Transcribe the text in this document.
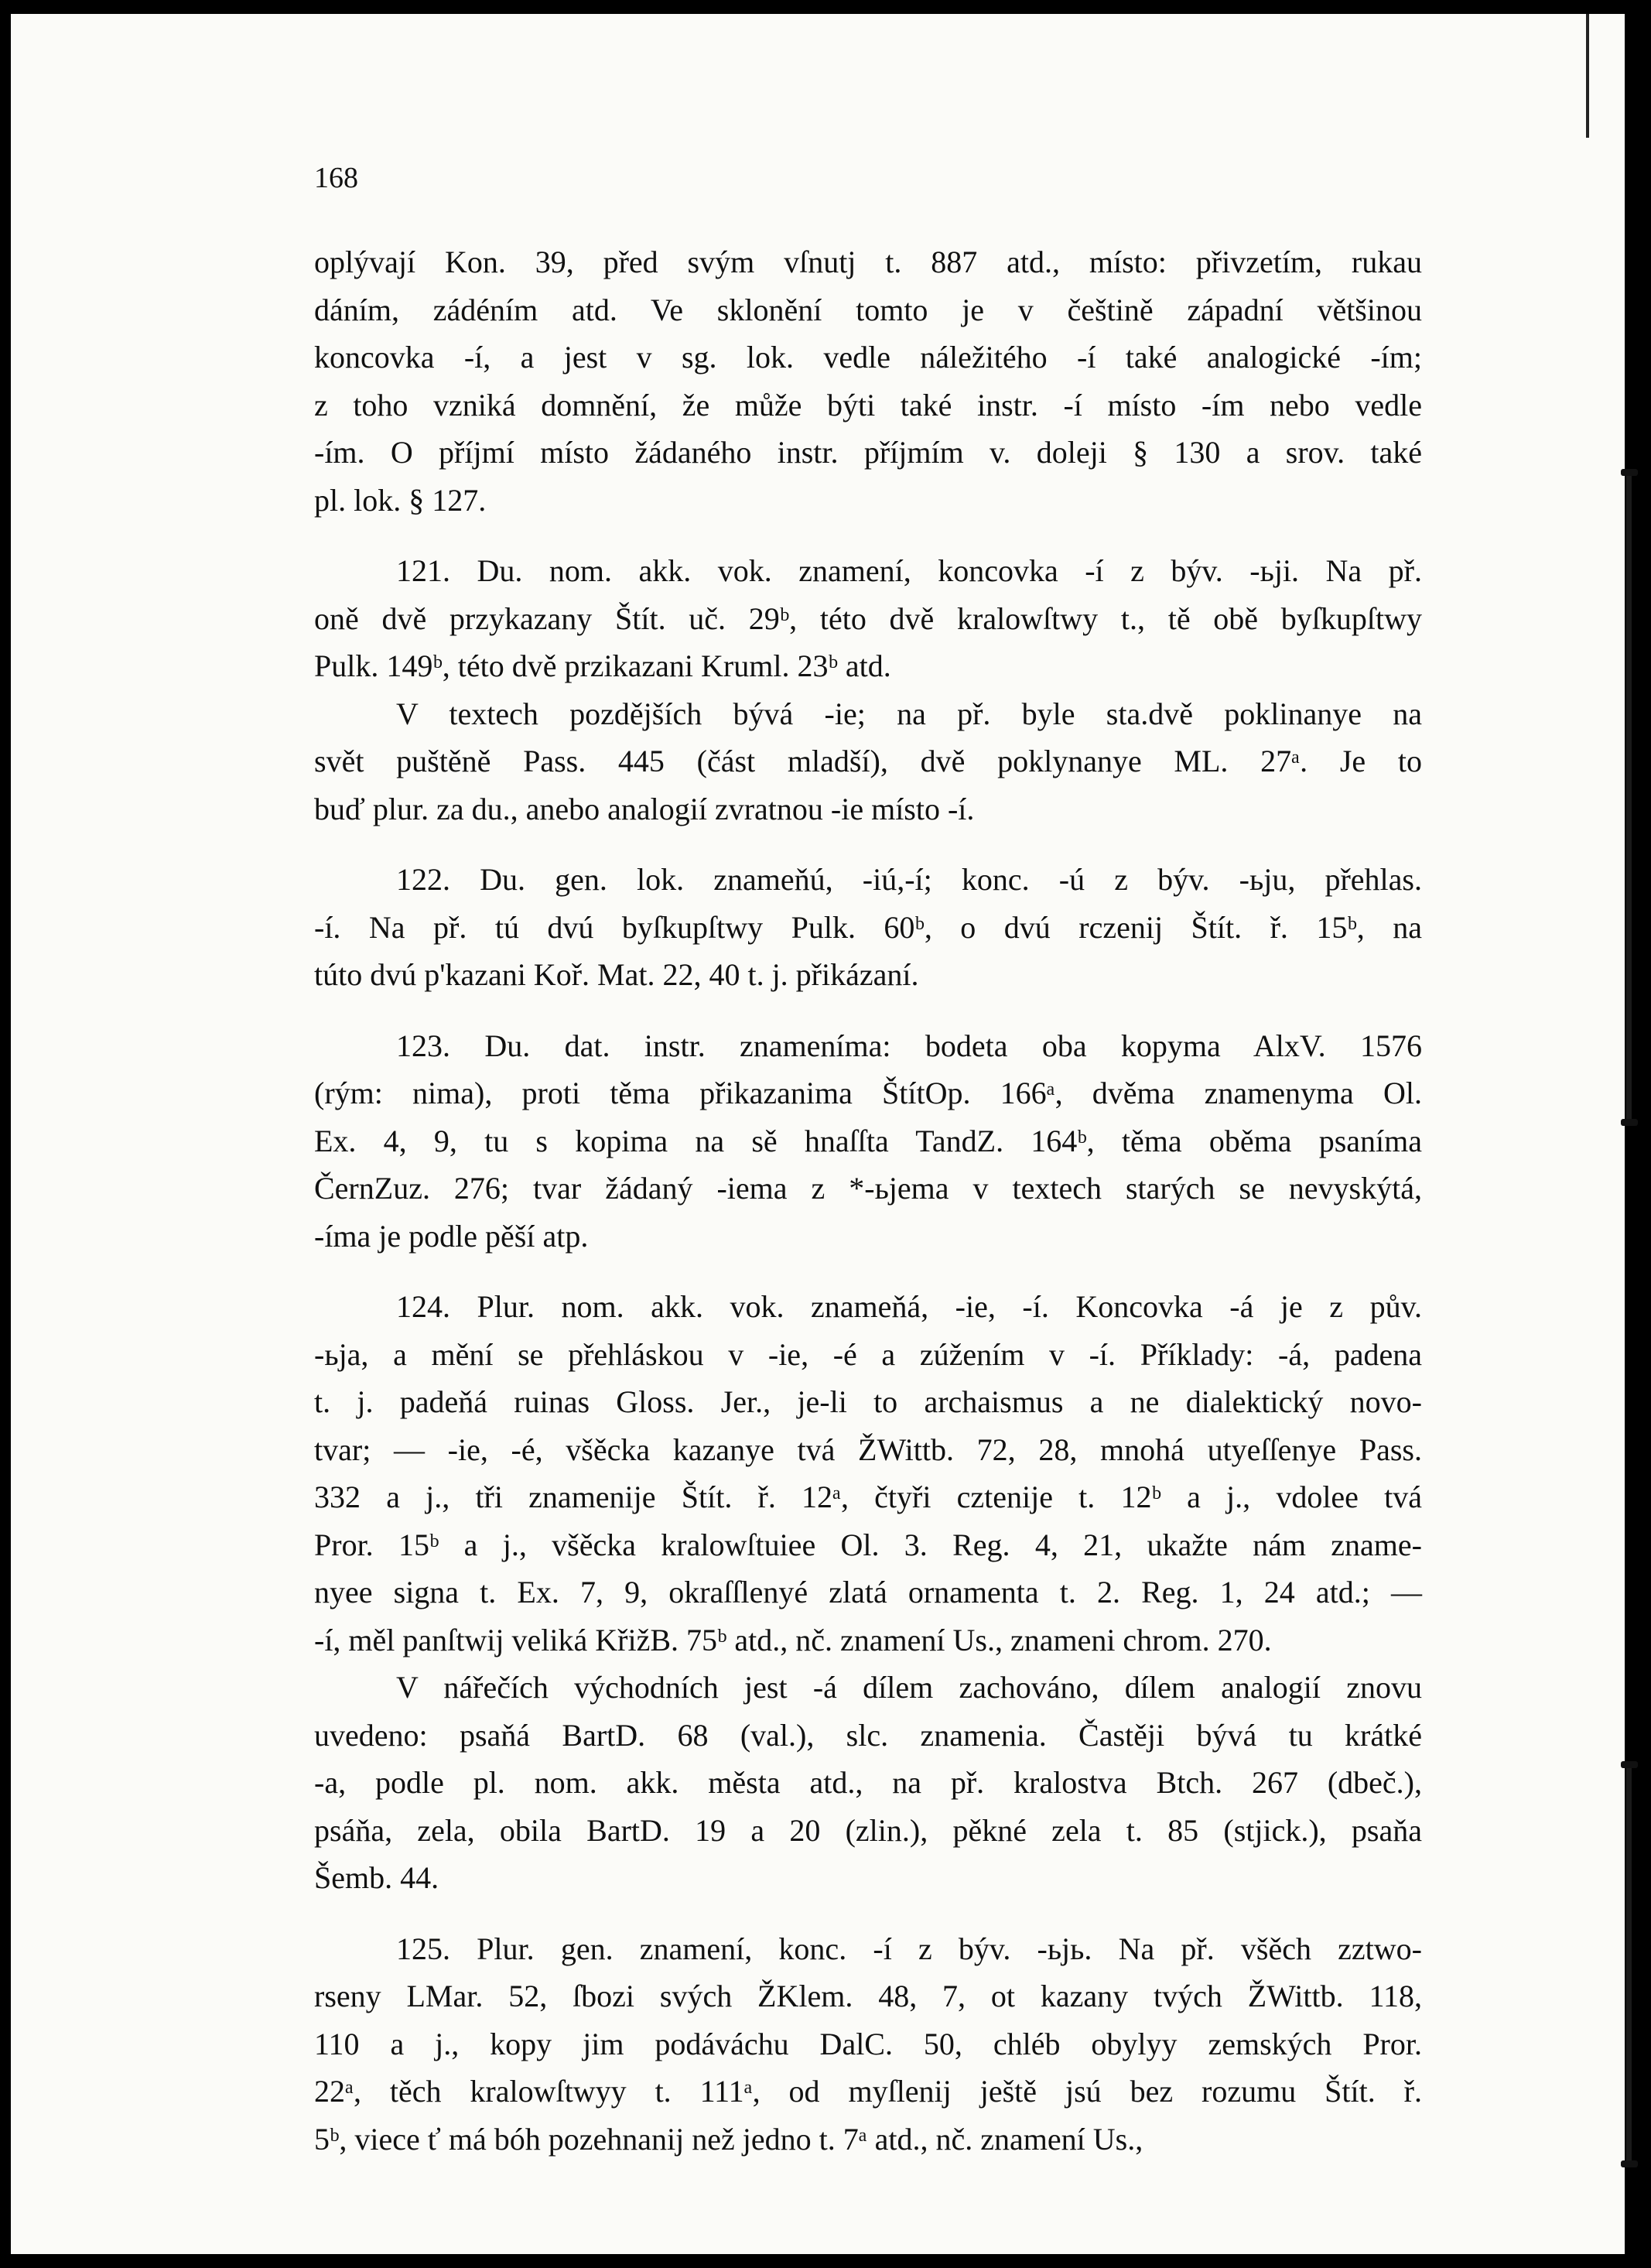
168

oplývají Kon. 39, před svým vſnutj t. 887 atd., místo: přivzetím, rukau
dáním, zádéním atd. Ve sklonění tomto je v češtině západní většinou
koncovka -í, a jest v sg. lok. vedle náležitého -í také analogické -ím;
z toho vzniká domnění, že může býti také instr. -í místo -ím nebo vedle
-ím. O příjmí místo žádaného instr. příjmím v. doleji § 130 a srov. také
pl. lok. § 127.

121. Du. nom. akk. vok. znamení, koncovka -í z býv. -ьji. Na př.
oně dvě przykazany Štít. uč. 29ᵇ, této dvě kralowſtwy t., tě obě byſkupſtwy
Pulk. 149ᵇ, této dvě przikazani Kruml. 23ᵇ atd.

V textech pozdějších bývá -ie; na př. byle sta.dvě poklinanye na
svět puštěně Pass. 445 (část mladší), dvě poklynanye ML. 27ᵃ. Je to
buď plur. za du., anebo analogií zvratnou -ie místo -í.

122. Du. gen. lok. znameňú, -iú,-í; konc. -ú z býv. -ьju, přehlas.
-í. Na př. tú dvú byſkupſtwy Pulk. 60ᵇ, o dvú rczenij Štít. ř. 15ᵇ, na
túto dvú p'kazani Koř. Mat. 22, 40 t. j. přikázaní.

123. Du. dat. instr. znameníma: bodeta oba kopyma AlxV. 1576
(rým: nima), proti těma přikazanima ŠtítOp. 166ᵃ, dvěma znamenyma Ol.
Ex. 4, 9, tu s kopima na sě hnaſſta TandZ. 164ᵇ, těma oběma psaníma
ČernZuz. 276; tvar žádaný -iema z *-ьjema v textech starých se nevyskýtá,
-íma je podle pěší atp.

124. Plur. nom. akk. vok. znameňá, -ie, -í. Koncovka -á je z pův.
-ьja, a mění se přehláskou v -ie, -é a zúžením v -í. Příklady: -á, padena
t. j. padeňá ruinas Gloss. Jer., je-li to archaismus a ne dialektický novo-
tvar; — -ie, -é, všěcka kazanye tvá ŽWittb. 72, 28, mnohá utyeſſenye Pass.
332 a j., tři znamenije Štít. ř. 12ᵃ, čtyři cztenije t. 12ᵇ a j., vdolee tvá
Pror. 15ᵇ a j., všěcka kralowſtuiee Ol. 3. Reg. 4, 21, ukažte nám zname-
nyee signa t. Ex. 7, 9, okraſſlenyé zlatá ornamenta t. 2. Reg. 1, 24 atd.; —
-í, měl panſtwij veliká KřižB. 75ᵇ atd., nč. znamení Us., znameni chrom. 270.

V nářečích východních jest -á dílem zachováno, dílem analogií znovu
uvedeno: psaňá BartD. 68 (val.), slc. znamenia. Častěji bývá tu krátké
-a, podle pl. nom. akk. města atd., na př. kralostva Btch. 267 (dbeč.),
psáňa, zela, obila BartD. 19 a 20 (zlin.), pěkné zela t. 85 (stjick.), psaňa
Šemb. 44.

125. Plur. gen. znamení, konc. -í z býv. -ьjь. Na př. všěch zztwo-
rseny LMar. 52, ſbozi svých ŽKlem. 48, 7, ot kazany tvých ŽWittb. 118,
110 a j., kopy jim podáváchu DalC. 50, chléb obylyy zemských Pror.
22ᵃ, těch kralowſtwyy t. 111ᵃ, od myſlenij ještě jsú bez rozumu Štít. ř.
5ᵇ, viece ť má bóh pozehnanij než jedno t. 7ᵃ atd., nč. znamení Us.,
